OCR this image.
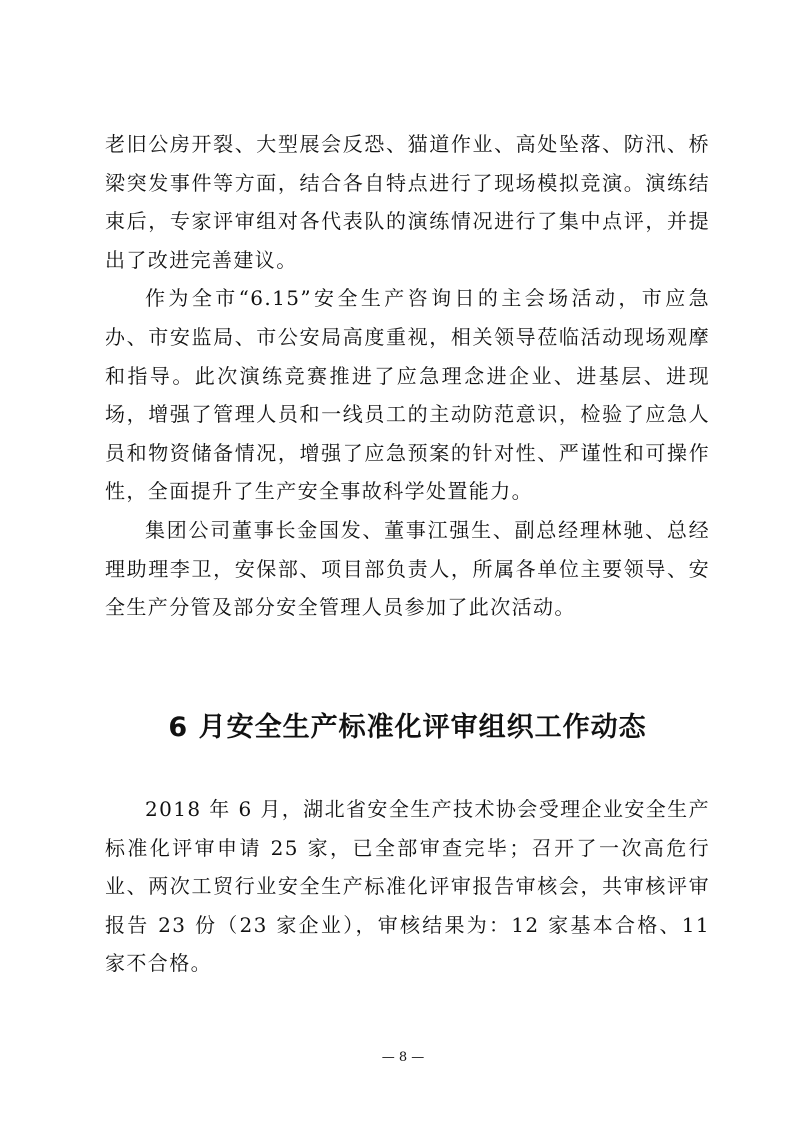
老旧公房开裂、大型展会反恐、猫道作业、高处坠落、防汛、桥梁突发事件等方面，结合各自特点进行了现场模拟竞演。演练结束后，专家评审组对各代表队的演练情况进行了集中点评，并提出了改进完善建议。

作为全市“6.15”安全生产咨询日的主会场活动，市应急办、市安监局、市公安局高度重视，相关领导莅临活动现场观摩和指导。此次演练竞赛推进了应急理念进企业、进基层、进现场，增强了管理人员和一线员工的主动防范意识，检验了应急人员和物资储备情况，增强了应急预案的针对性、严谨性和可操作性，全面提升了生产安全事故科学处置能力。

集团公司董事长金国发、董事江强生、副总经理林驰、总经理助理李卫，安保部、项目部负责人，所属各单位主要领导、安全生产分管及部分安全管理人员参加了此次活动。

6 月安全生产标准化评审组织工作动态

2018 年 6 月，湖北省安全生产技术协会受理企业安全生产标准化评审申请 25 家，已全部审查完毕；召开了一次高危行业、两次工贸行业安全生产标准化评审报告审核会，共审核评审报告 23 份（23 家企业），审核结果为：12 家基本合格、11 家不合格。

— 8 —
